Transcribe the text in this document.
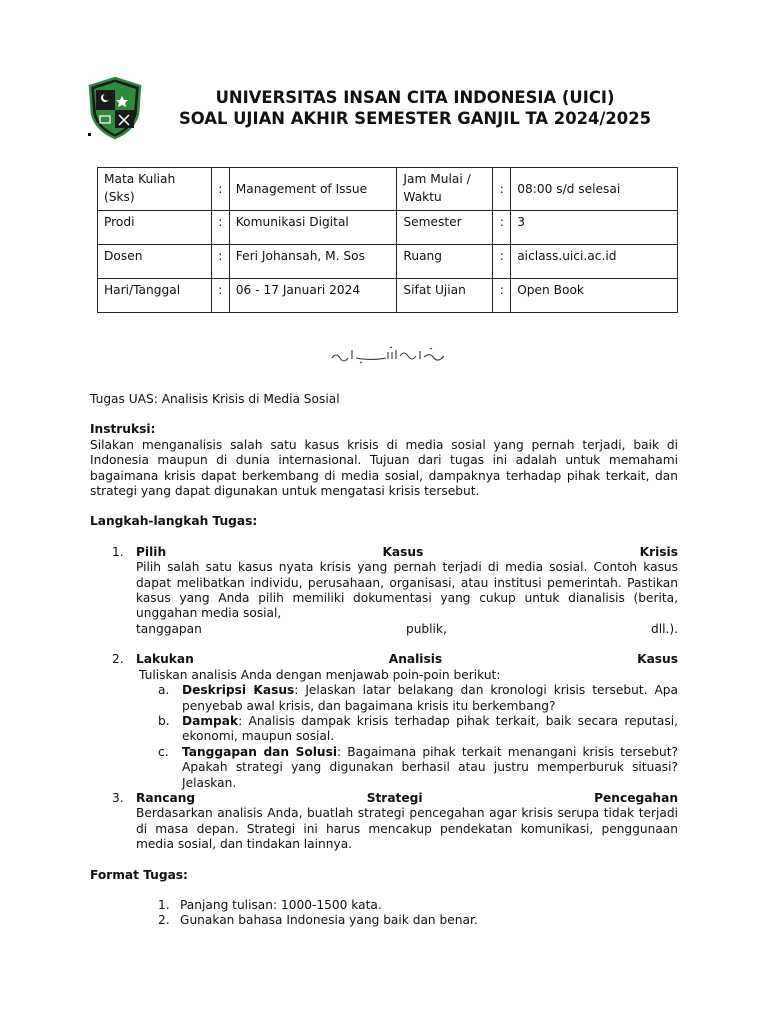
UNIVERSITAS INSAN CITA INDONESIA (UICI)
SOAL UJIAN AKHIR SEMESTER GANJIL TA 2024/2025
Mata Kuliah (Sks)	:	Management of Issue	Jam Mulai / Waktu	:	08:00 s/d selesai
Prodi	:	Komunikasi Digital	Semester	:	3
Dosen	:	Feri Johansah, M. Sos	Ruang	:	aiclass.uici.ac.id
Hari/Tanggal	:	06 - 17 Januari 2024	Sifat Ujian	:	Open Book

Tugas UAS: Analisis Krisis di Media Sosial

Instruksi:

Silakan menganalisis salah satu kasus krisis di media sosial yang pernah terjadi, baik di Indonesia maupun di dunia internasional. Tujuan dari tugas ini adalah untuk memahami bagaimana krisis dapat berkembang di media sosial, dampaknya terhadap pihak terkait, dan strategi yang dapat digunakan untuk mengatasi krisis tersebut.

Langkah-langkah Tugas:

1. Pilih	Kasus	Krisis

Pilih salah satu kasus nyata krisis yang pernah terjadi di media sosial. Contoh kasus dapat melibatkan individu, perusahaan, organisasi, atau institusi pemerintah. Pastikan kasus yang Anda pilih memiliki dokumentasi yang cukup untuk dianalisis (berita, unggahan media sosial,

tanggapan	publik,	dll.).
2. Lakukan	Analisis	Kasus

Tuliskan analisis Anda dengan menjawab poin-poin berikut:

a. Deskripsi Kasus: Jelaskan latar belakang dan kronologi krisis tersebut. Apa penyebab awal krisis, dan bagaimana krisis itu berkembang?

b. Dampak: Analisis dampak krisis terhadap pihak terkait, baik secara reputasi, ekonomi, maupun sosial.

c. Tanggapan dan Solusi: Bagaimana pihak terkait menangani krisis tersebut? Apakah strategi yang digunakan berhasil atau justru memperburuk situasi? Jelaskan.

3. Rancang	Strategi	Pencegahan

Berdasarkan analisis Anda, buatlah strategi pencegahan agar krisis serupa tidak terjadi di masa depan. Strategi ini harus mencakup pendekatan komunikasi, penggunaan media sosial, dan tindakan lainnya.

Format Tugas:

1. Panjang tulisan: 1000-1500 kata.
2. Gunakan bahasa Indonesia yang baik dan benar.
